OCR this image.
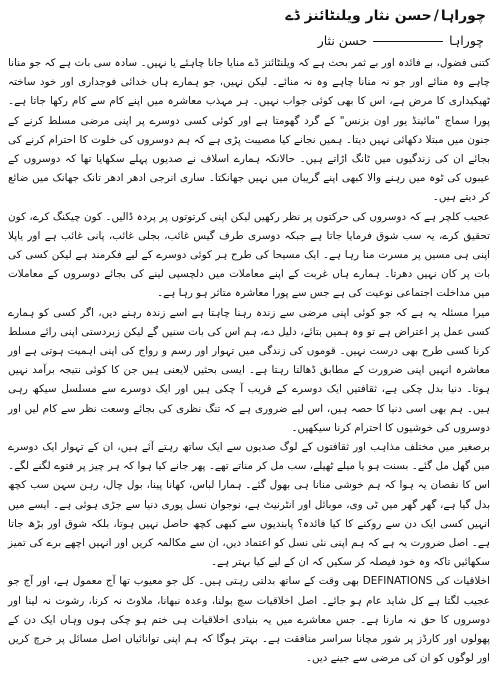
چوراہا/حسن نثار ویلنٹائنز ڈے
چوراہاحسن نثار

کتنی فضول، بے فائدہ اور بے ثمر بحث ہے کہ ویلنٹائنز ڈے منایا جانا چاہئے یا نہیں۔ سادہ سی بات ہے کہ جو منانا چاہے وہ منائے اور جو نہ منانا چاہے وہ نہ منائے۔ لیکن نہیں، جو ہمارے ہاں خدائی فوجداری اور خود ساختہ ٹھیکیداری کا مرض ہے، اس کا بھی کوئی جواب نہیں۔ ہر مہذب معاشرہ میں اپنے کام سے کام رکھا جاتا ہے۔ پورا سماج "مائینڈ یور اون بزنس" کے گرد گھومتا ہے اور کوئی کسی دوسرے پر اپنی مرضی مسلط کرنے کے جنون میں مبتلا دکھائی نہیں دیتا۔ ہمیں نجانے کیا مصیبت پڑی ہے کہ ہم دوسروں کی خلوت کا احترام کرنے کی بجائے ان کی زندگیوں میں ٹانگ اڑاتے ہیں۔ حالانکہ ہمارے اسلاف نے صدیوں پہلے سکھایا تھا کہ دوسروں کے عیبوں کی ٹوہ میں رہنے والا کبھی اپنے گریبان میں نہیں جھانکتا۔ ساری انرجی ادھر ادھر تانک جھانک میں ضائع کر دیتے ہیں۔

عجیب کلچر ہے کہ دوسروں کی حرکتوں پر نظر رکھیں لیکن اپنی کرتوتوں پر پردہ ڈالیں۔ کون چیکنگ کرے، کون تحقیق کرے، یہ سب شوق فرمایا جاتا ہے جبکہ دوسری طرف گیس غائب، بجلی غائب، پانی غائب ہے اور یاپلا اپنی ہی مسیں پر مسرت منا رہا ہے۔ ایک مسیحا کی طرح ہر کوئی دوسرے کے لیے فکرمند ہے لیکن کسی کی بات پر کان نہیں دھرتا۔ ہمارے ہاں غربت کے اپنے معاملات میں دلچسپی لینے کی بجائے دوسروں کے معاملات میں مداخلت اجتماعی نوعیت کی ہے جس سے پورا معاشرہ متاثر ہو رہا ہے۔

میرا مسئلہ یہ ہے کہ جو کوئی اپنی مرضی سے زندہ رہنا چاہتا ہے اسے زندہ رہنے دیں، اگر کسی کو ہمارے کسی عمل پر اعتراض ہے تو وہ ہمیں بتائے، دلیل دے، ہم اس کی بات سنیں گے لیکن زبردستی اپنی رائے مسلط کرنا کسی طرح بھی درست نہیں۔ قوموں کی زندگی میں تہوار اور رسم و رواج کی اپنی اہمیت ہوتی ہے اور معاشرہ انہیں اپنی ضرورت کے مطابق ڈھالتا رہتا ہے۔ ایسی بحثیں لایعنی ہیں جن کا کوئی نتیجہ برآمد نہیں ہوتا۔ دنیا بدل چکی ہے، ثقافتیں ایک دوسرے کے قریب آ چکی ہیں اور ایک دوسرے سے مسلسل سیکھ رہی ہیں۔ ہم بھی اسی دنیا کا حصہ ہیں، اس لیے ضروری ہے کہ تنگ نظری کی بجائے وسعت نظر سے کام لیں اور دوسروں کی خوشیوں کا احترام کرنا سیکھیں۔

برصغیر میں مختلف مذاہب اور ثقافتوں کے لوگ صدیوں سے ایک ساتھ رہتے آئے ہیں، ان کے تہوار ایک دوسرے میں گھل مل گئے۔ بسنت ہو یا میلے ٹھیلے، سب مل کر مناتے تھے۔ پھر جانے کیا ہوا کہ ہر چیز پر فتوے لگنے لگے۔ اس کا نقصان یہ ہوا کہ ہم خوشی منانا ہی بھول گئے۔ ہمارا لباس، کھانا پینا، بول چال، رہن سہن سب کچھ بدل گیا ہے، گھر گھر میں ٹی وی، موبائل اور انٹرنیٹ ہے، نوجوان نسل پوری دنیا سے جڑی ہوئی ہے۔ ایسے میں انہیں کسی ایک دن سے روکنے کا کیا فائدہ؟ پابندیوں سے کبھی کچھ حاصل نہیں ہوتا، بلکہ شوق اور بڑھ جاتا ہے۔ اصل ضرورت یہ ہے کہ ہم اپنی نئی نسل کو اعتماد دیں، ان سے مکالمہ کریں اور انہیں اچھے برے کی تمیز سکھائیں تاکہ وہ خود فیصلہ کر سکیں کہ ان کے لیے کیا بہتر ہے۔

اخلاقیات کی DEFINATIONS بھی وقت کے ساتھ بدلتی رہتی ہیں۔ کل جو معیوب تھا آج معمول ہے، اور آج جو عجیب لگتا ہے کل شاید عام ہو جائے۔ اصل اخلاقیات سچ بولنا، وعدہ نبھانا، ملاوٹ نہ کرنا، رشوت نہ لینا اور دوسروں کا حق نہ مارنا ہے۔ جس معاشرے میں یہ بنیادی اخلاقیات ہی ختم ہو چکی ہوں وہاں ایک دن کے پھولوں اور کارڈز پر شور مچانا سراسر منافقت ہے۔ بہتر ہوگا کہ ہم اپنی توانائیاں اصل مسائل پر خرچ کریں اور لوگوں کو ان کی مرضی سے جینے دیں۔
